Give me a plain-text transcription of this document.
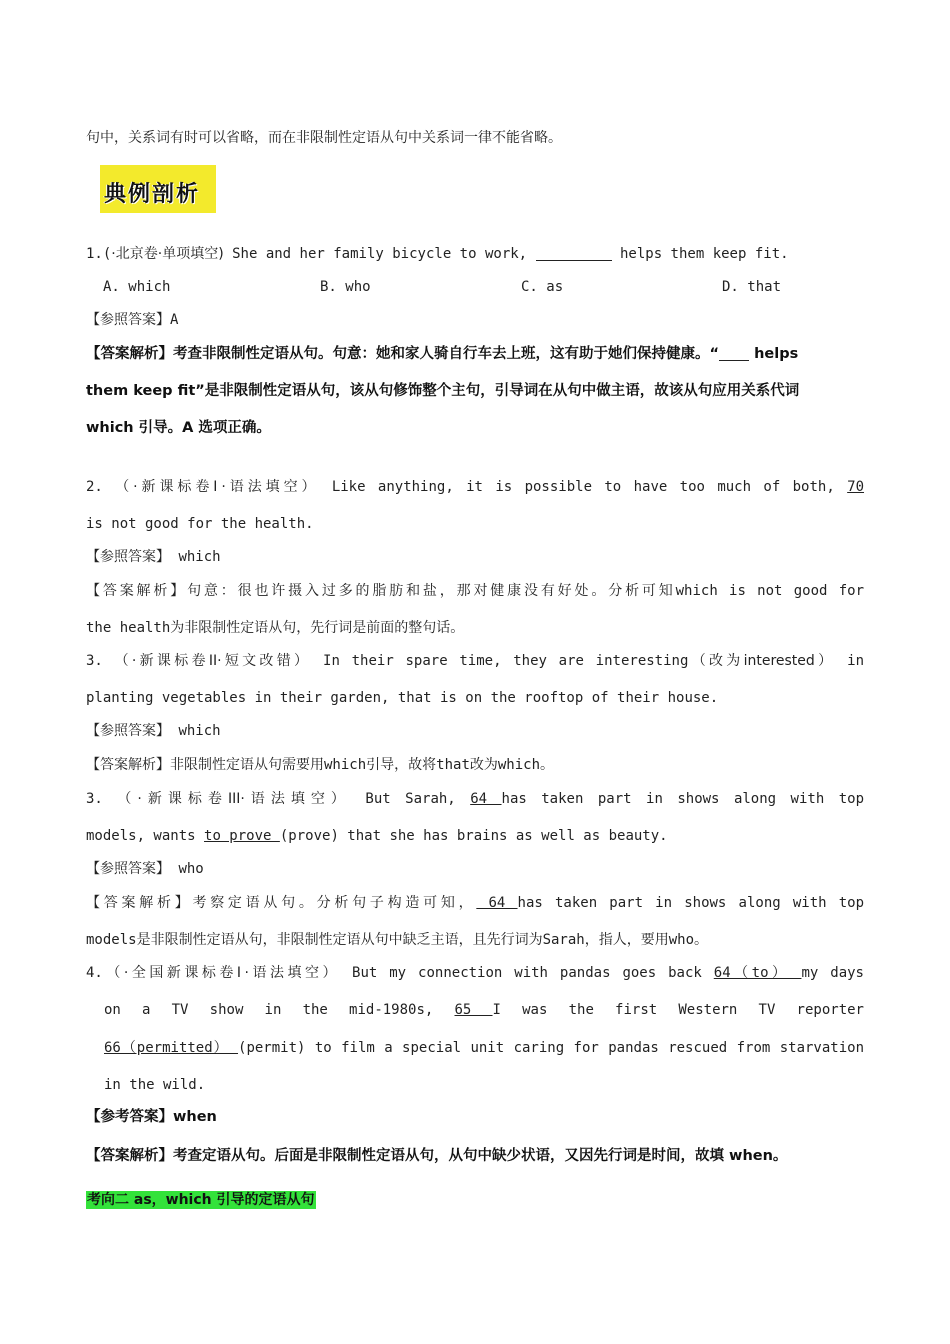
句中，关系词有时可以省略，而在非限制性定语从句中关系词一律不能省略。
典例剖析
1.(·北京卷·单项填空) She and her family bicycle to work,	helps them keep fit.
A. which	B. who	C. as	D. that
【参照答案】A
【答案解析】考查非限制性定语从句。句意：她和家人骑自行车去上班，这有助于她们保持健康。“ helps
them keep fit”是非限制性定语从句，该从句修饰整个主句，引导词在从句中做主语，故该从句应用关系代词
which 引导。A 选项正确。
2. （·新课标卷Ⅰ·语法填空） Like anything, it is possible to have too much of both, 70
is not good for the health.
【参照答案】 which
【答案解析】句意：很也许摄入过多的脂肪和盐，那对健康没有好处。分析可知which is not good for
the health为非限制性定语从句，先行词是前面的整句话。
3. （·新课标卷II·短文改错） In their spare time, they are interesting（改为interested） in
planting vegetables in their garden, that is on the rooftop of their house.
【参照答案】 which
【答案解析】非限制性定语从句需要用which引导，故将that改为which。
3. （·新课标卷III·语法填空） But Sarah, 64 has taken part in shows along with top
models, wants to prove (prove) that she has brains as well as beauty.
【参照答案】 who
【答案解析】考察定语从句。分析句子构造可知， 64 has taken part in shows along with top
models是非限制性定语从句，非限制性定语从句中缺乏主语，且先行词为Sarah，指人，要用who。
4.（·全国新课标卷Ⅰ·语法填空） But my connection with pandas goes back 64（to） my days
on a TV show in the mid-1980s, 65 I was the first Western TV reporter
66（permitted） (permit) to film a special unit caring for pandas rescued from starvation
in the wild.
【参考答案】when
【答案解析】考查定语从句。后面是非限制性定语从句，从句中缺少状语，又因先行词是时间，故填 when。
考向二 as，which 引导的定语从句
